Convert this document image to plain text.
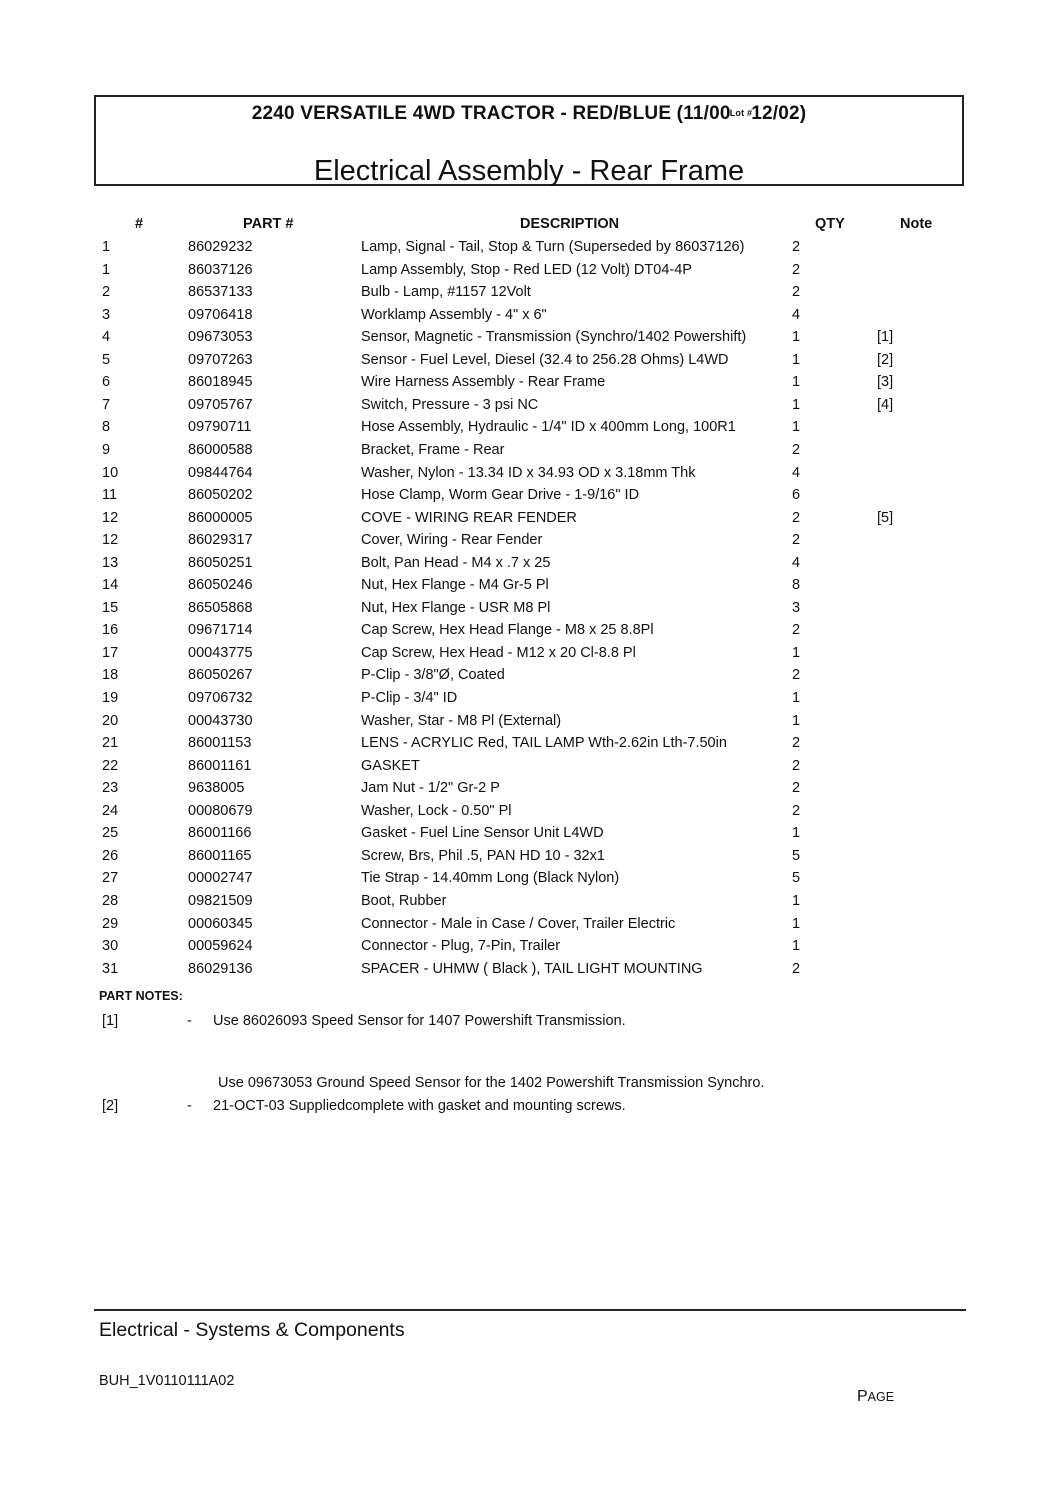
2240 VERSATILE 4WD TRACTOR - RED/BLUE (11/00Lot #12/02)
Electrical Assembly - Rear Frame
#	PART #	DESCRIPTION	QTY	Note
1	86029232	Lamp, Signal - Tail, Stop & Turn (Superseded by 86037126)	2
1	86037126	Lamp Assembly, Stop - Red LED (12 Volt) DT04-4P	2
2	86537133	Bulb - Lamp, #1157 12Volt	2
3	09706418	Worklamp Assembly - 4" x 6"	4
4	09673053	Sensor, Magnetic - Transmission (Synchro/1402 Powershift)	1	[1]
5	09707263	Sensor - Fuel Level, Diesel (32.4 to 256.28 Ohms) L4WD	1	[2]
6	86018945	Wire Harness Assembly - Rear Frame	1	[3]
7	09705767	Switch, Pressure - 3 psi NC	1	[4]
8	09790711	Hose Assembly, Hydraulic - 1/4" ID x 400mm Long, 100R1	1
9	86000588	Bracket, Frame - Rear	2
10	09844764	Washer, Nylon - 13.34 ID x 34.93 OD x 3.18mm Thk	4
11	86050202	Hose Clamp, Worm Gear Drive - 1-9/16" ID	6
12	86000005	COVE - WIRING REAR FENDER	2	[5]
12	86029317	Cover, Wiring - Rear Fender	2
13	86050251	Bolt, Pan Head - M4 x .7 x 25	4
14	86050246	Nut, Hex Flange - M4 Gr-5 Pl	8
15	86505868	Nut, Hex Flange - USR M8 Pl	3
16	09671714	Cap Screw, Hex Head Flange - M8 x 25 8.8Pl	2
17	00043775	Cap Screw, Hex Head - M12 x 20 Cl-8.8 Pl	1
18	86050267	P-Clip - 3/8"Ø, Coated	2
19	09706732	P-Clip - 3/4" ID	1
20	00043730	Washer, Star - M8 Pl (External)	1
21	86001153	LENS - ACRYLIC Red, TAIL LAMP Wth-2.62in Lth-7.50in	2
22	86001161	GASKET	2
23	9638005	Jam Nut - 1/2" Gr-2 P	2
24	00080679	Washer, Lock - 0.50" Pl	2
25	86001166	Gasket - Fuel Line Sensor Unit L4WD	1
26	86001165	Screw, Brs, Phil .5, PAN HD 10 - 32x1	5
27	00002747	Tie Strap - 14.40mm Long (Black Nylon)	5
28	09821509	Boot, Rubber	1
29	00060345	Connector - Male in Case / Cover, Trailer Electric	1
30	00059624	Connector - Plug, 7-Pin, Trailer	1
31	86029136	SPACER - UHMW ( Black ), TAIL LIGHT MOUNTING	2
PART NOTES:
[1]	- Use 86026093 Speed Sensor for 1407 Powershift Transmission.
Use 09673053 Ground Speed Sensor for the 1402 Powershift Transmission Synchro.
[2]	- 21-OCT-03 Suppliedcomplete with gasket and mounting screws.
Electrical - Systems & Components
BUH_1V0110111A02
PAGE
